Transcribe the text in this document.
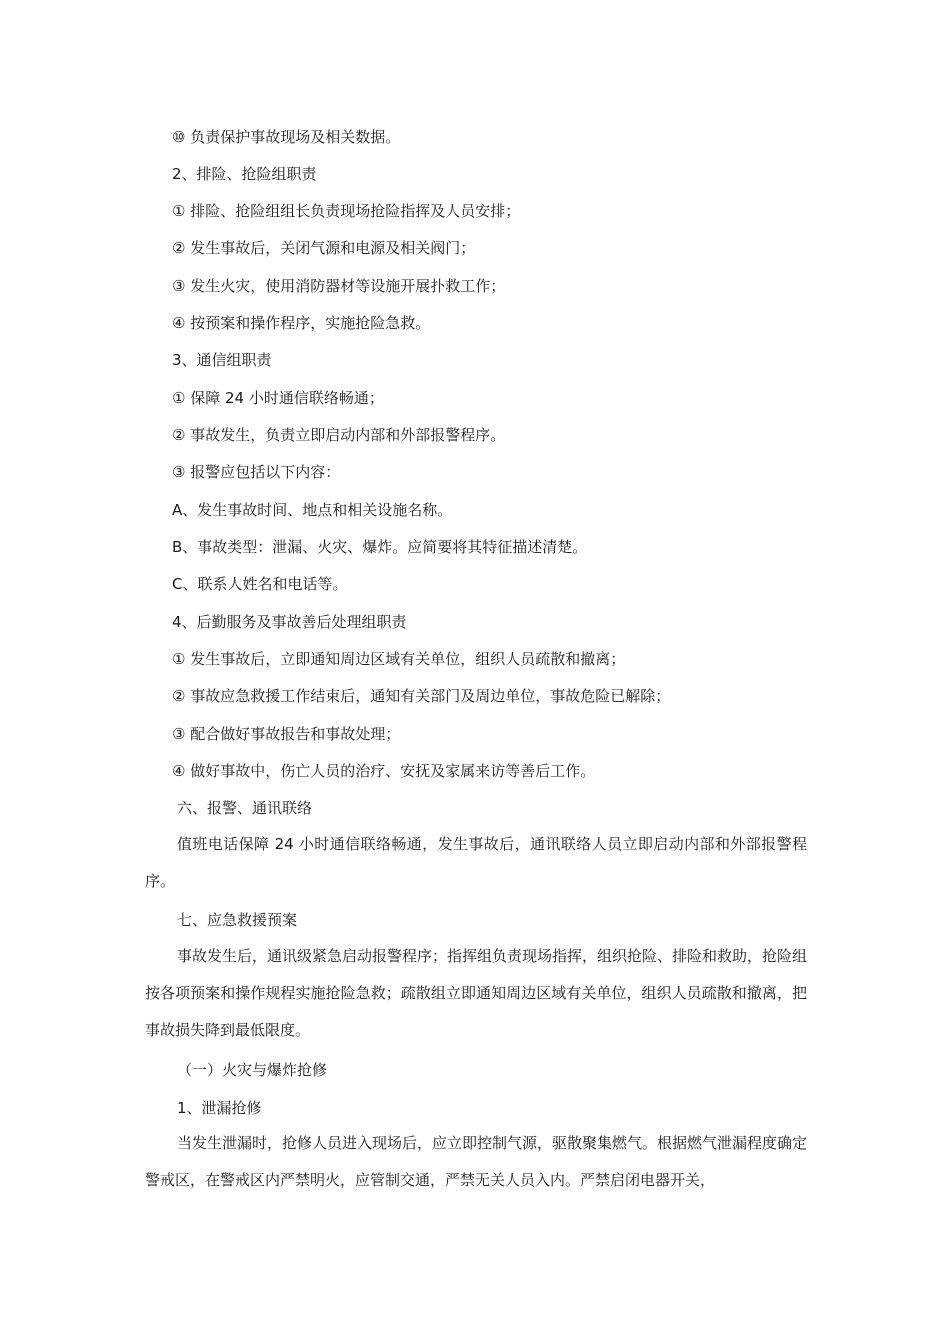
⑩ 负责保护事故现场及相关数据。
2、排险、抢险组职责
① 排险、抢险组组长负责现场抢险指挥及人员安排；
② 发生事故后，关闭气源和电源及相关阀门；
③ 发生火灾，使用消防器材等设施开展扑救工作；
④ 按预案和操作程序，实施抢险急救。
3、通信组职责
① 保障 24 小时通信联络畅通；
② 事故发生，负责立即启动内部和外部报警程序。
③ 报警应包括以下内容：
A、发生事故时间、地点和相关设施名称。
B、事故类型：泄漏、火灾、爆炸。应简要将其特征描述清楚。
C、联系人姓名和电话等。
4、后勤服务及事故善后处理组职责
① 发生事故后，立即通知周边区域有关单位，组织人员疏散和撤离；
② 事故应急救援工作结束后，通知有关部门及周边单位，事故危险已解除；
③ 配合做好事故报告和事故处理；
④ 做好事故中，伤亡人员的治疗、安抚及家属来访等善后工作。
六、报警、通讯联络

值班电话保障 24 小时通信联络畅通，发生事故后，通讯联络人员立即启动内部和外部报警程序。

七、应急救援预案

事故发生后，通讯级紧急启动报警程序；指挥组负责现场指挥，组织抢险、排险和救助，抢险组按各项预案和操作规程实施抢险急救；疏散组立即通知周边区域有关单位，组织人员疏散和撤离，把事故损失降到最低限度。

（一）火灾与爆炸抢修
1、泄漏抢修

当发生泄漏时，抢修人员进入现场后，应立即控制气源，驱散聚集燃气。根据燃气泄漏程度确定警戒区，在警戒区内严禁明火，应管制交通，严禁无关人员入内。严禁启闭电器开关，
